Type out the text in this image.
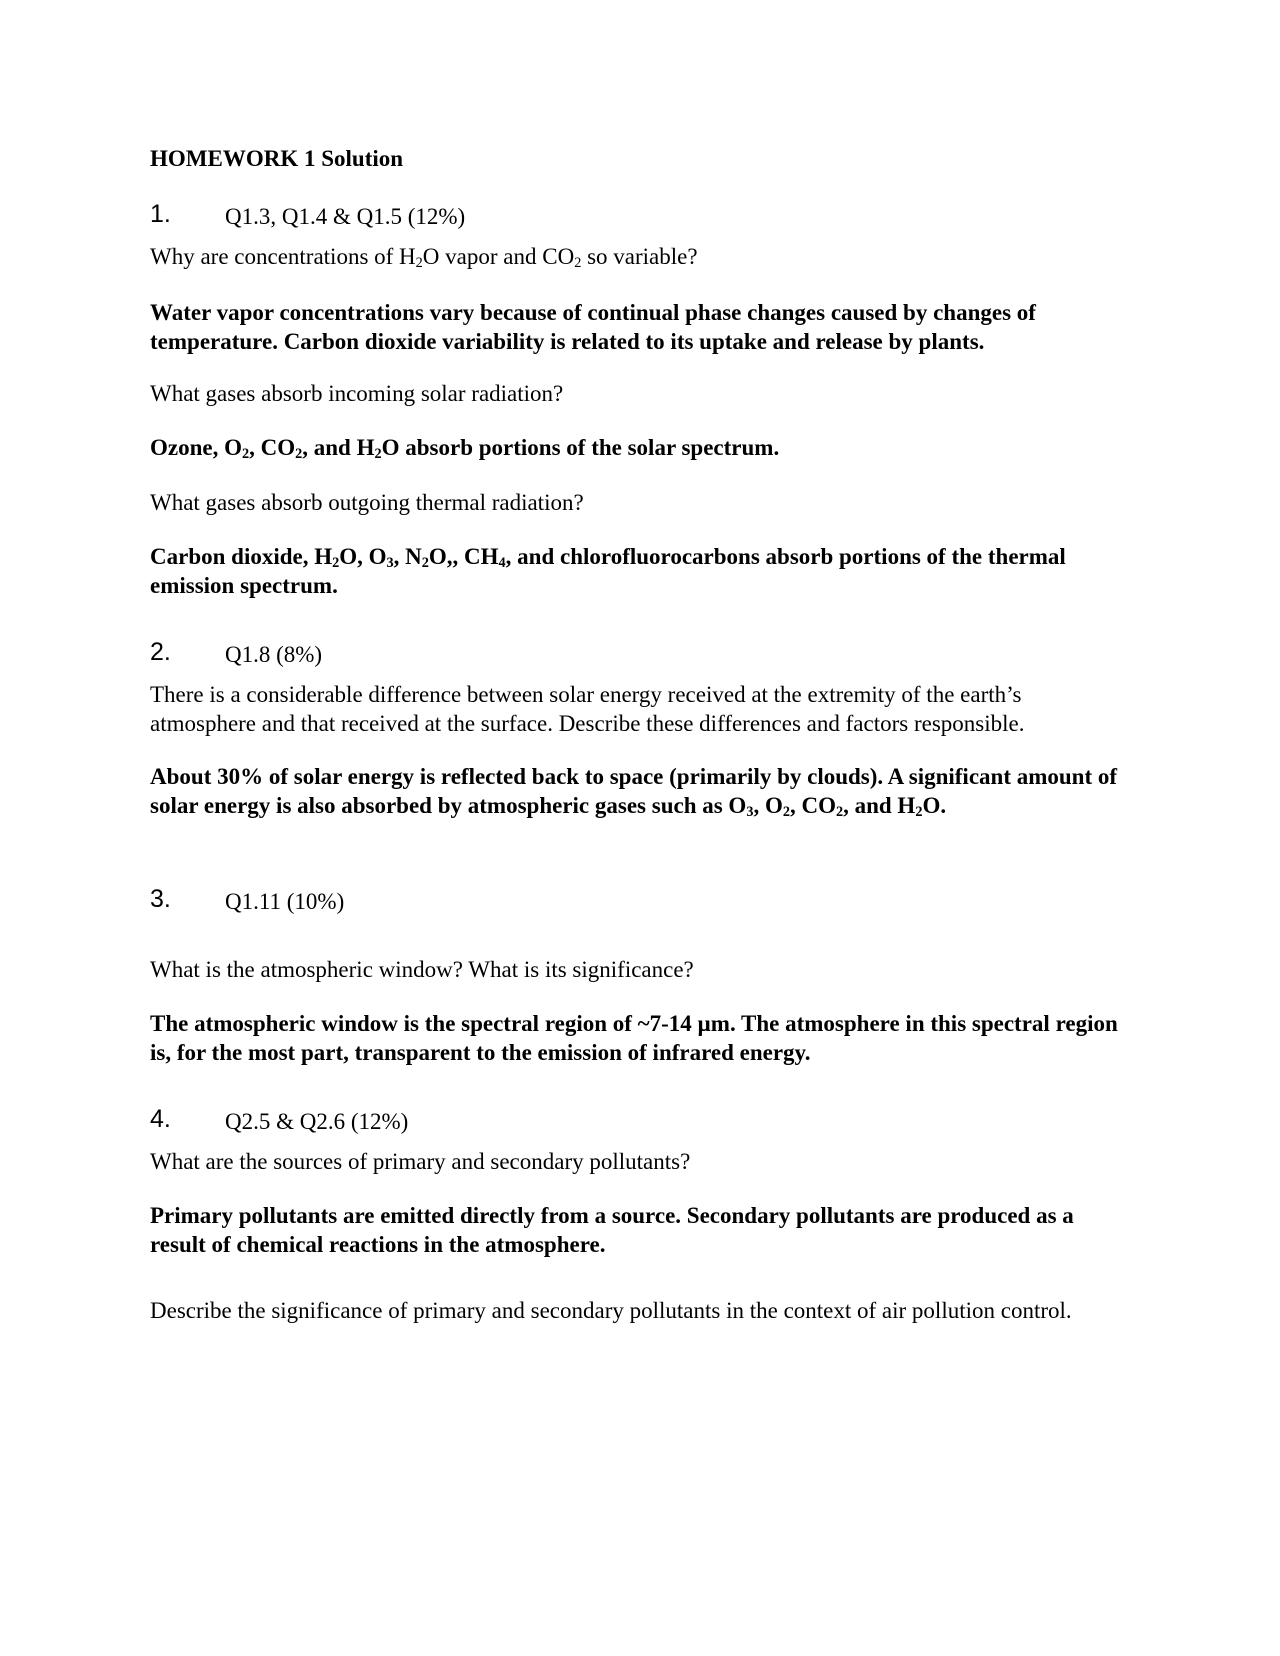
HOMEWORK 1 Solution
1. Q1.3, Q1.4 & Q1.5 (12%)

Why are concentrations of $H_2O$ vapor and $CO_2$ so variable?

Water vapor concentrations vary because of continual phase changes caused by changes of temperature. Carbon dioxide variability is related to its uptake and release by plants.

What gases absorb incoming solar radiation?

Ozone, $O_2$, $CO_2$, and $H_2O$ absorb portions of the solar spectrum.

What gases absorb outgoing thermal radiation?

Carbon dioxide, $H_2O$, $O_3$, $N_2O$,, $CH_4$, and chlorofluorocarbons absorb portions of the thermal emission spectrum.

2. Q1.8 (8%)

There is a considerable difference between solar energy received at the extremity of the earth’s atmosphere and that received at the surface. Describe these differences and factors responsible.

About 30% of solar energy is reflected back to space (primarily by clouds). A significant amount of solar energy is also absorbed by atmospheric gases such as $O_3$, $O_2$, $CO_2$, and $H_2O$.

3. Q1.11 (10%)

What is the atmospheric window? What is its significance?

The atmospheric window is the spectral region of ~7-14 µm. The atmosphere in this spectral region is, for the most part, transparent to the emission of infrared energy.

4. Q2.5 & Q2.6 (12%)

What are the sources of primary and secondary pollutants?

Primary pollutants are emitted directly from a source. Secondary pollutants are produced as a result of chemical reactions in the atmosphere.

Describe the significance of primary and secondary pollutants in the context of air pollution control.
